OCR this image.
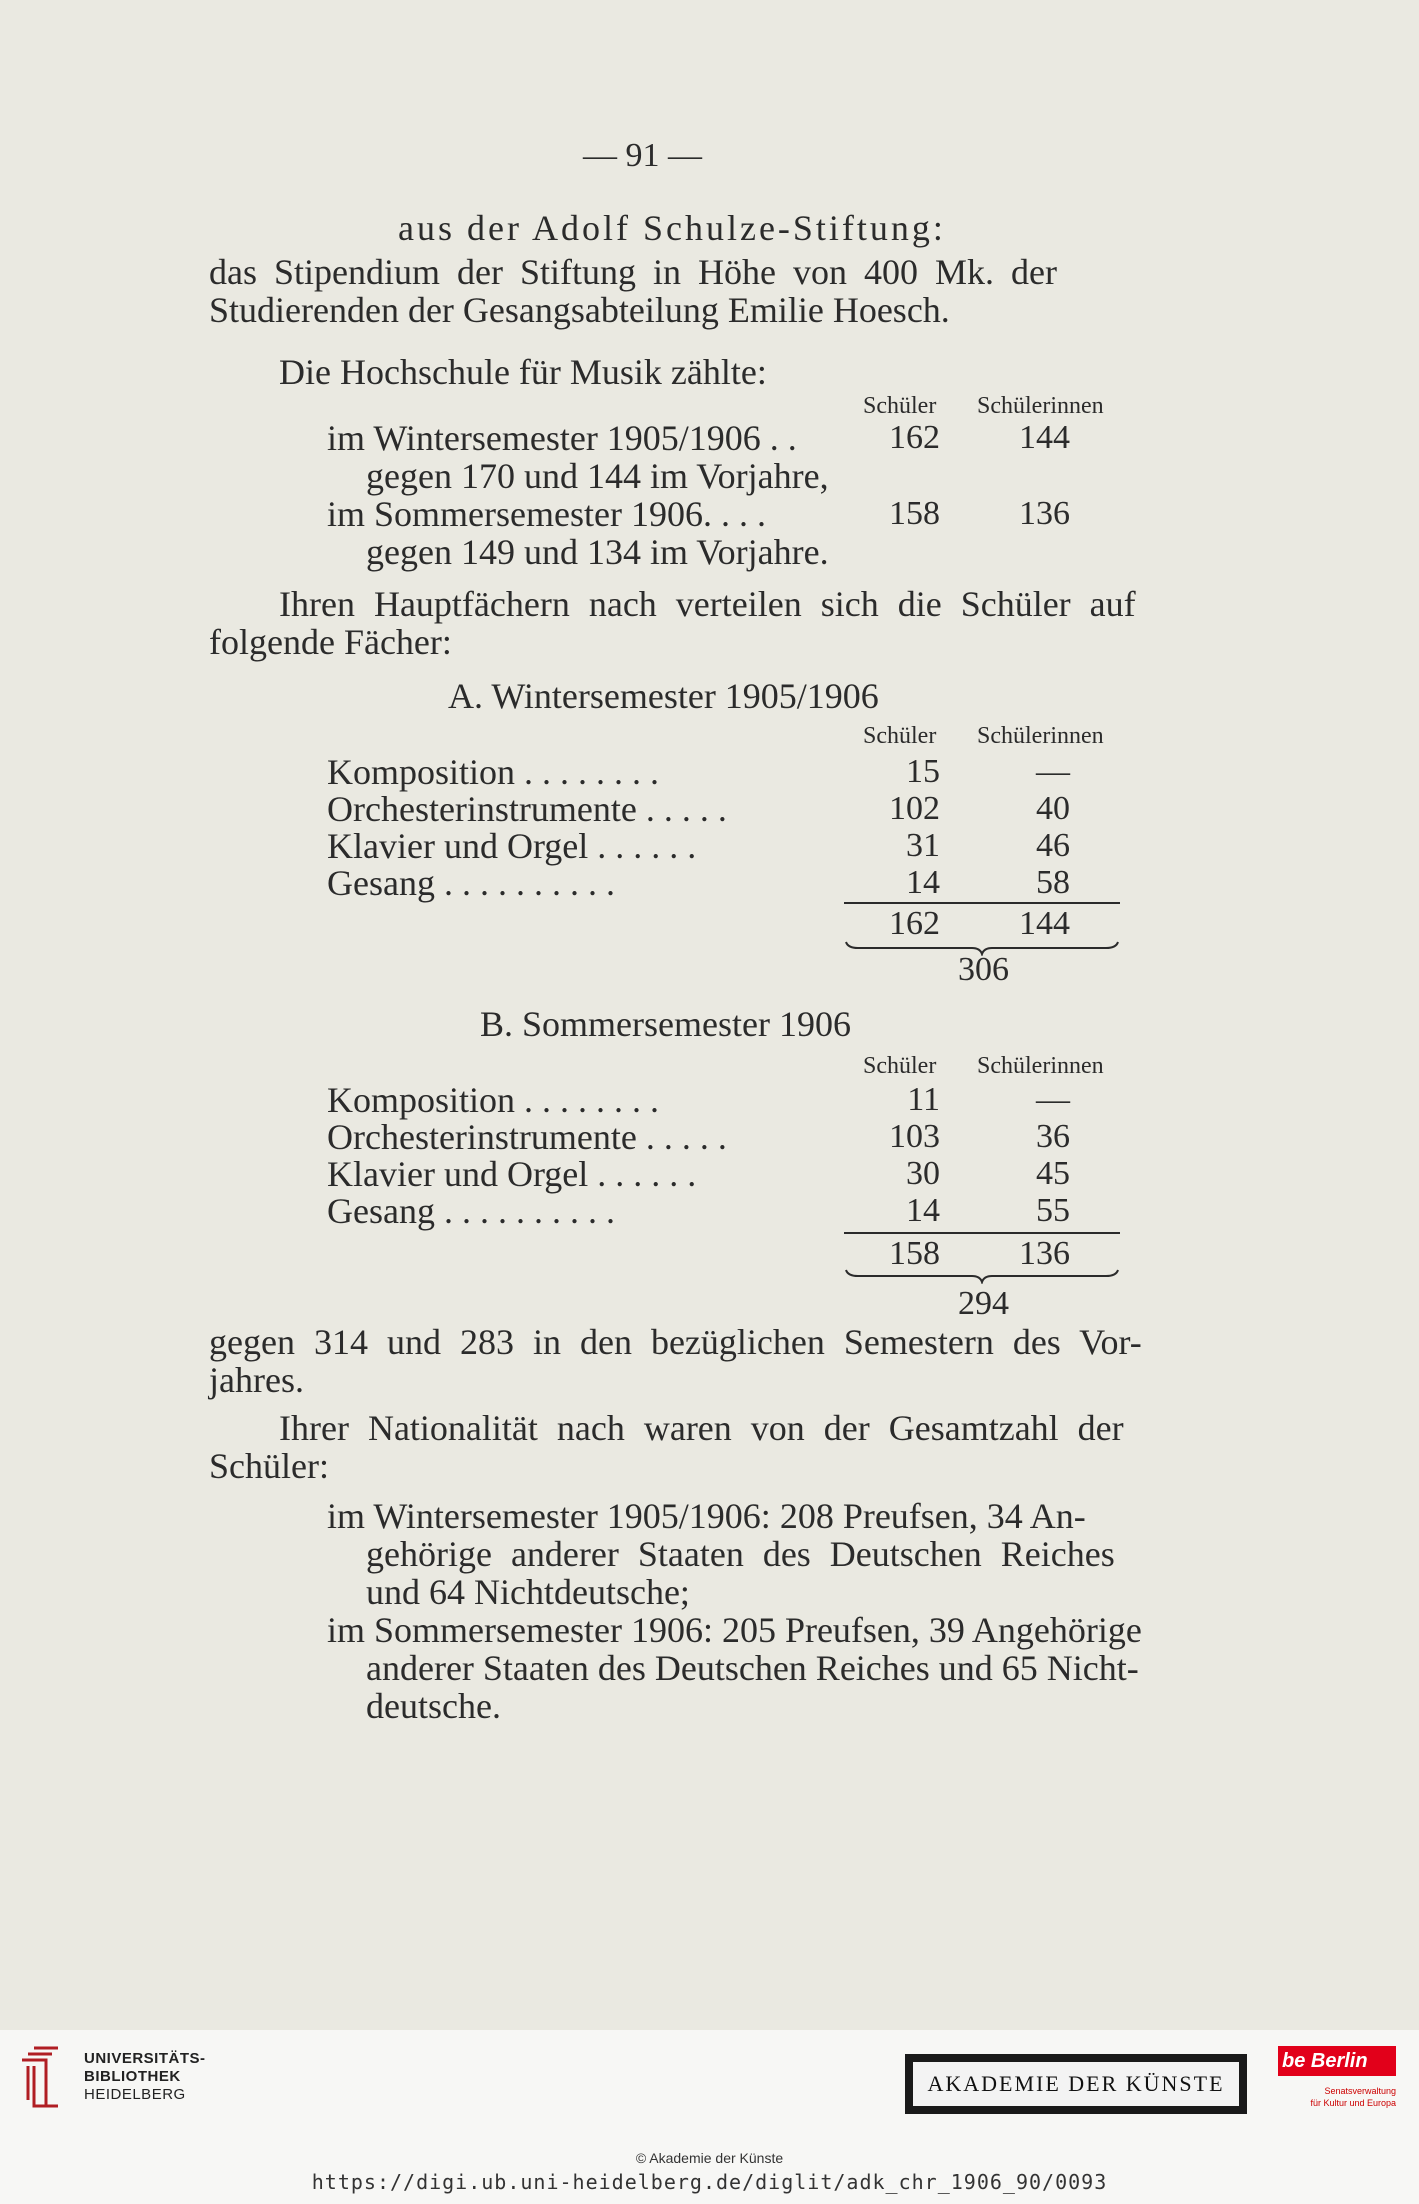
— 91 —
aus der Adolf Schulze-Stiftung:
das Stipendium der Stiftung in Höhe von 400 Mk. der
Studierenden der Gesangsabteilung Emilie Hoesch.
Die Hochschule für Musik zählte:
Schüler Schülerinnen
im Wintersemester 1905/1906 . .	162	144
gegen 170 und 144 im Vorjahre,
im Sommersemester 1906. . . .	158	136
gegen 149 und 134 im Vorjahre.
Ihren Hauptfächern nach verteilen sich die Schüler auf
folgende Fächer:
A. Wintersemester 1905/1906
Schüler Schülerinnen
Komposition . . . . . . . .	15	—
Orchesterinstrumente . . . . .	102	40
Klavier und Orgel . . . . . .	31	46
Gesang . . . . . . . . . .	14	58
162	144
306
B. Sommersemester 1906
Schüler Schülerinnen
Komposition . . . . . . . .	11	—
Orchesterinstrumente . . . . .	103	36
Klavier und Orgel . . . . . .	30	45
Gesang . . . . . . . . . .	14	55
158	136
294
gegen 314 und 283 in den bezüglichen Semestern des Vor-
jahres.
Ihrer Nationalität nach waren von der Gesamtzahl der
Schüler:
im Wintersemester 1905/1906: 208 Preufsen, 34 An-
gehörige anderer Staaten des Deutschen Reiches
und 64 Nichtdeutsche;
im Sommersemester 1906: 205 Preufsen, 39 Angehörige
anderer Staaten des Deutschen Reiches und 65 Nicht-
deutsche.
UNIVERSITÄTS-
BIBLIOTHEK
HEIDELBERG	AKADEMIE DER KÜNSTE
be Berlin
Senatsverwaltung
für Kultur und Europa
© Akademie der Künste
https://digi.ub.uni-heidelberg.de/diglit/adk_chr_1906_90/0093
